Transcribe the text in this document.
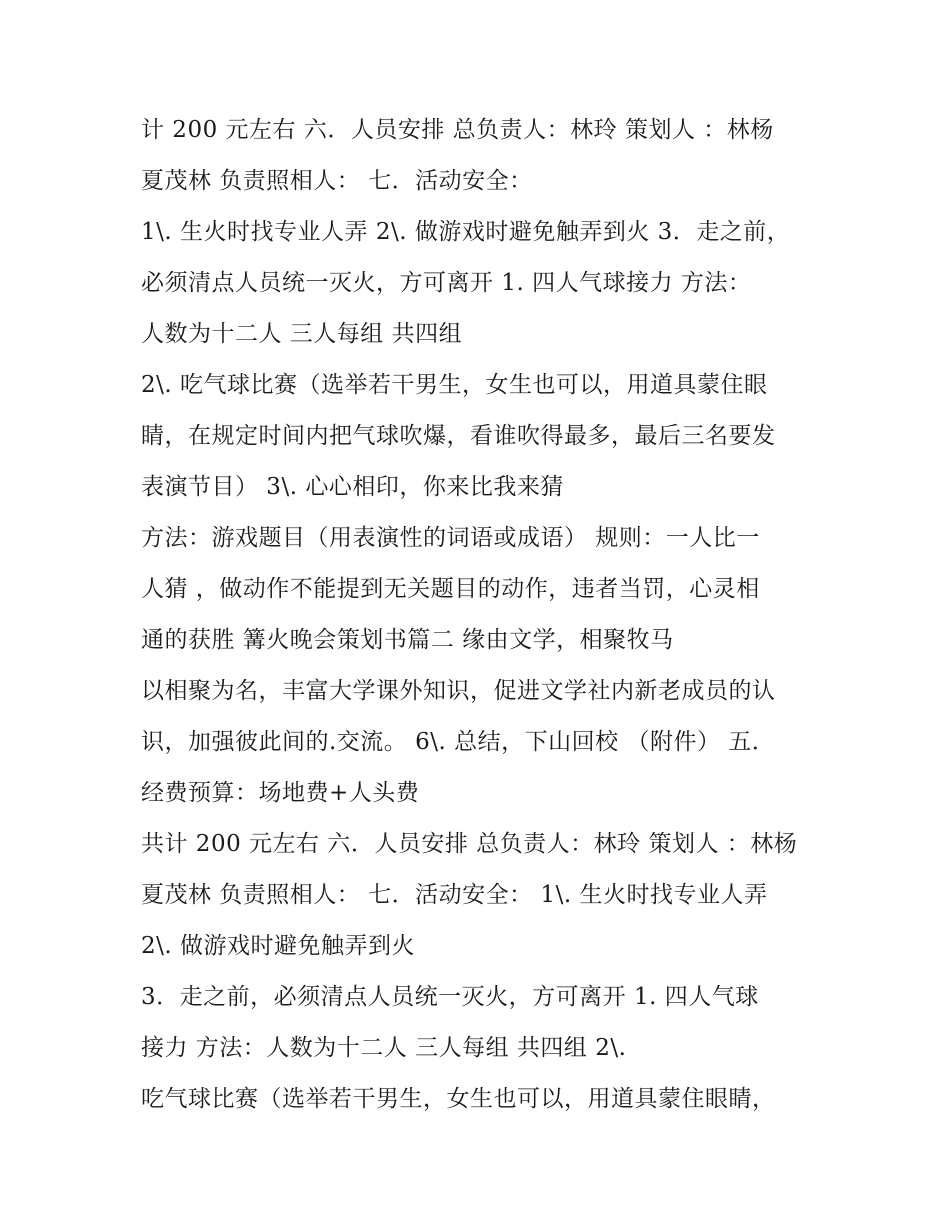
计 200 元左右 六．人员安排 总负责人：林玲 策划人 ：林杨
夏茂林 负责照相人： 七．活动安全：
1\. 生火时找专业人弄 2\. 做游戏时避免触弄到火 3．走之前，
必须清点人员统一灭火，方可离开 1. 四人气球接力 方法：
人数为十二人 三人每组 共四组
2\. 吃气球比赛（选举若干男生，女生也可以，用道具蒙住眼
睛，在规定时间内把气球吹爆，看谁吹得最多，最后三名要发
表演节目） 3\. 心心相印，你来比我来猜
方法：游戏题目（用表演性的词语或成语） 规则：一人比一
人猜 ，做动作不能提到无关题目的动作，违者当罚，心灵相
通的获胜 篝火晚会策划书篇二 缘由文学，相聚牧马
以相聚为名，丰富大学课外知识，促进文学社内新老成员的认
识，加强彼此间的.交流。 6\. 总结，下山回校 （附件） 五．
经费预算：场地费+人头费
共计 200 元左右 六．人员安排 总负责人：林玲 策划人 ：林杨
夏茂林 负责照相人： 七．活动安全： 1\. 生火时找专业人弄
2\. 做游戏时避免触弄到火
3．走之前，必须清点人员统一灭火，方可离开 1. 四人气球
接力 方法：人数为十二人 三人每组 共四组 2\.
吃气球比赛（选举若干男生，女生也可以，用道具蒙住眼睛，
